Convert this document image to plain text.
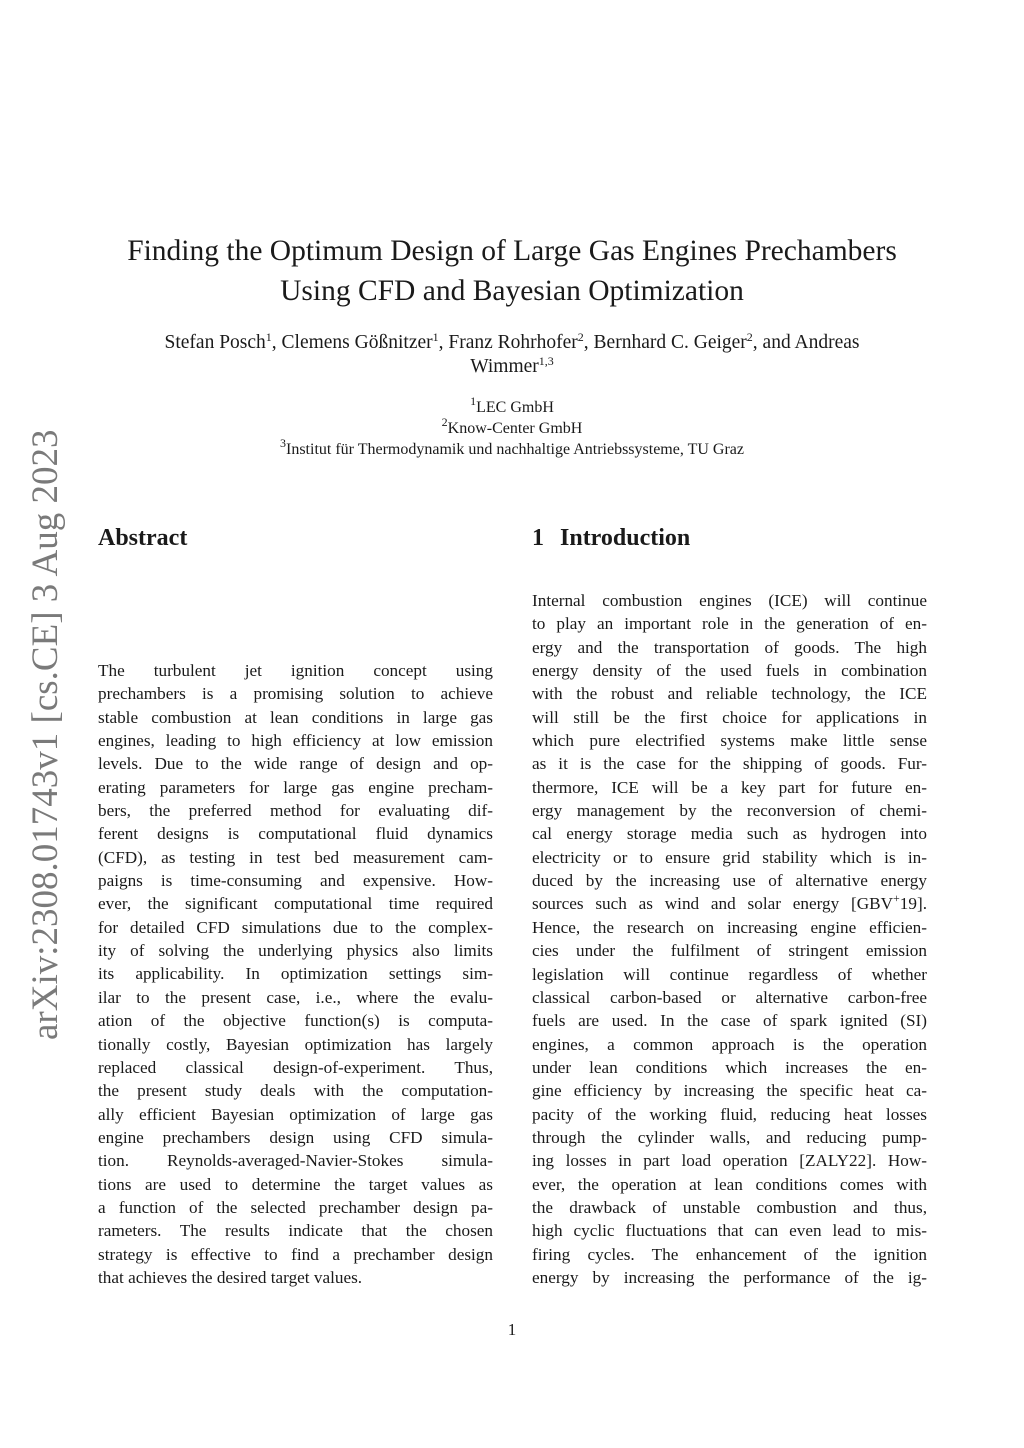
arXiv:2308.01743v1 [cs.CE] 3 Aug 2023
Finding the Optimum Design of Large Gas Engines Prechambers
Using CFD and Bayesian Optimization
Stefan Posch$^1$, Clemens Gößnitzer$^1$, Franz Rohrhofer$^2$, Bernhard C. Geiger$^2$, and Andreas
Wimmer$^{1,3}$
$^1$LEC GmbH
$^2$Know-Center GmbH
$^3$Institut für Thermodynamik und nachhaltige Antriebssysteme, TU Graz
Abstract	1 Introduction
The turbulent jet ignition concept using
prechambers is a promising solution to achieve
stable combustion at lean conditions in large gas
engines, leading to high efficiency at low emission
levels. Due to the wide range of design and op-
erating parameters for large gas engine precham-
bers, the preferred method for evaluating dif-
ferent designs is computational fluid dynamics
(CFD), as testing in test bed measurement cam-
paigns is time-consuming and expensive. How-
ever, the significant computational time required
for detailed CFD simulations due to the complex-
ity of solving the underlying physics also limits
its applicability. In optimization settings sim-
ilar to the present case, i.e., where the evalu-
ation of the objective function(s) is computa-
tionally costly, Bayesian optimization has largely
replaced classical design-of-experiment. Thus,
the present study deals with the computation-
ally efficient Bayesian optimization of large gas
engine prechambers design using CFD simula-
tion. Reynolds-averaged-Navier-Stokes simula-
tions are used to determine the target values as
a function of the selected prechamber design pa-
rameters. The results indicate that the chosen
strategy is effective to find a prechamber design
that achieves the desired target values.
Internal combustion engines (ICE) will continue
to play an important role in the generation of en-
ergy and the transportation of goods. The high
energy density of the used fuels in combination
with the robust and reliable technology, the ICE
will still be the first choice for applications in
which pure electrified systems make little sense
as it is the case for the shipping of goods. Fur-
thermore, ICE will be a key part for future en-
ergy management by the reconversion of chemi-
cal energy storage media such as hydrogen into
electricity or to ensure grid stability which is in-
duced by the increasing use of alternative energy
sources such as wind and solar energy [GBV+19].
Hence, the research on increasing engine efficien-
cies under the fulfilment of stringent emission
legislation will continue regardless of whether
classical carbon-based or alternative carbon-free
fuels are used. In the case of spark ignited (SI)
engines, a common approach is the operation
under lean conditions which increases the en-
gine efficiency by increasing the specific heat ca-
pacity of the working fluid, reducing heat losses
through the cylinder walls, and reducing pump-
ing losses in part load operation [ZALY22]. How-
ever, the operation at lean conditions comes with
the drawback of unstable combustion and thus,
high cyclic fluctuations that can even lead to mis-
firing cycles. The enhancement of the ignition
energy by increasing the performance of the ig-
1
